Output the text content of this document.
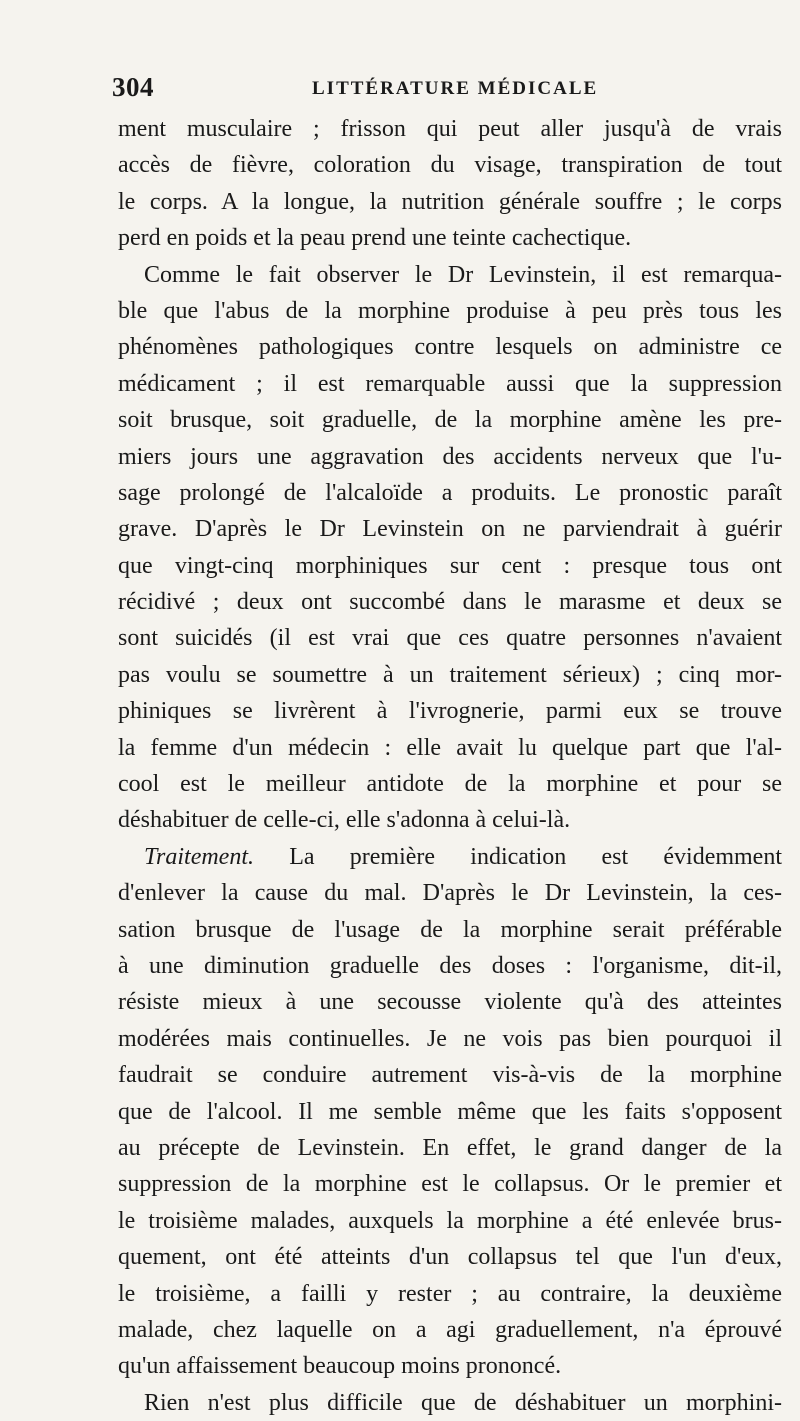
304	LITTÉRATURE MÉDICALE
ment musculaire ; frisson qui peut aller jusqu'à de vrais
accès de fièvre, coloration du visage, transpiration de tout
le corps. A la longue, la nutrition générale souffre ; le corps
perd en poids et la peau prend une teinte cachectique.
Comme le fait observer le Dr Levinstein, il est remarqua-
ble que l'abus de la morphine produise à peu près tous les
phénomènes pathologiques contre lesquels on administre ce
médicament ; il est remarquable aussi que la suppression
soit brusque, soit graduelle, de la morphine amène les pre-
miers jours une aggravation des accidents nerveux que l'u-
sage prolongé de l'alcaloïde a produits. Le pronostic paraît
grave. D'après le Dr Levinstein on ne parviendrait à guérir
que vingt-cinq morphiniques sur cent : presque tous ont
récidivé ; deux ont succombé dans le marasme et deux se
sont suicidés (il est vrai que ces quatre personnes n'avaient
pas voulu se soumettre à un traitement sérieux) ; cinq mor-
phiniques se livrèrent à l'ivrognerie, parmi eux se trouve
la femme d'un médecin : elle avait lu quelque part que l'al-
cool est le meilleur antidote de la morphine et pour se
déshabituer de celle-ci, elle s'adonna à celui-là.
Traitement. La première indication est évidemment
d'enlever la cause du mal. D'après le Dr Levinstein, la ces-
sation brusque de l'usage de la morphine serait préférable
à une diminution graduelle des doses : l'organisme, dit-il,
résiste mieux à une secousse violente qu'à des atteintes
modérées mais continuelles. Je ne vois pas bien pourquoi il
faudrait se conduire autrement vis-à-vis de la morphine
que de l'alcool. Il me semble même que les faits s'opposent
au précepte de Levinstein. En effet, le grand danger de la
suppression de la morphine est le collapsus. Or le premier et
le troisième malades, auxquels la morphine a été enlevée brus-
quement, ont été atteints d'un collapsus tel que l'un d'eux,
le troisième, a failli y rester ; au contraire, la deuxième
malade, chez laquelle on a agi graduellement, n'a éprouvé
qu'un affaissement beaucoup moins prononcé.
Rien n'est plus difficile que de déshabituer un morphini-
